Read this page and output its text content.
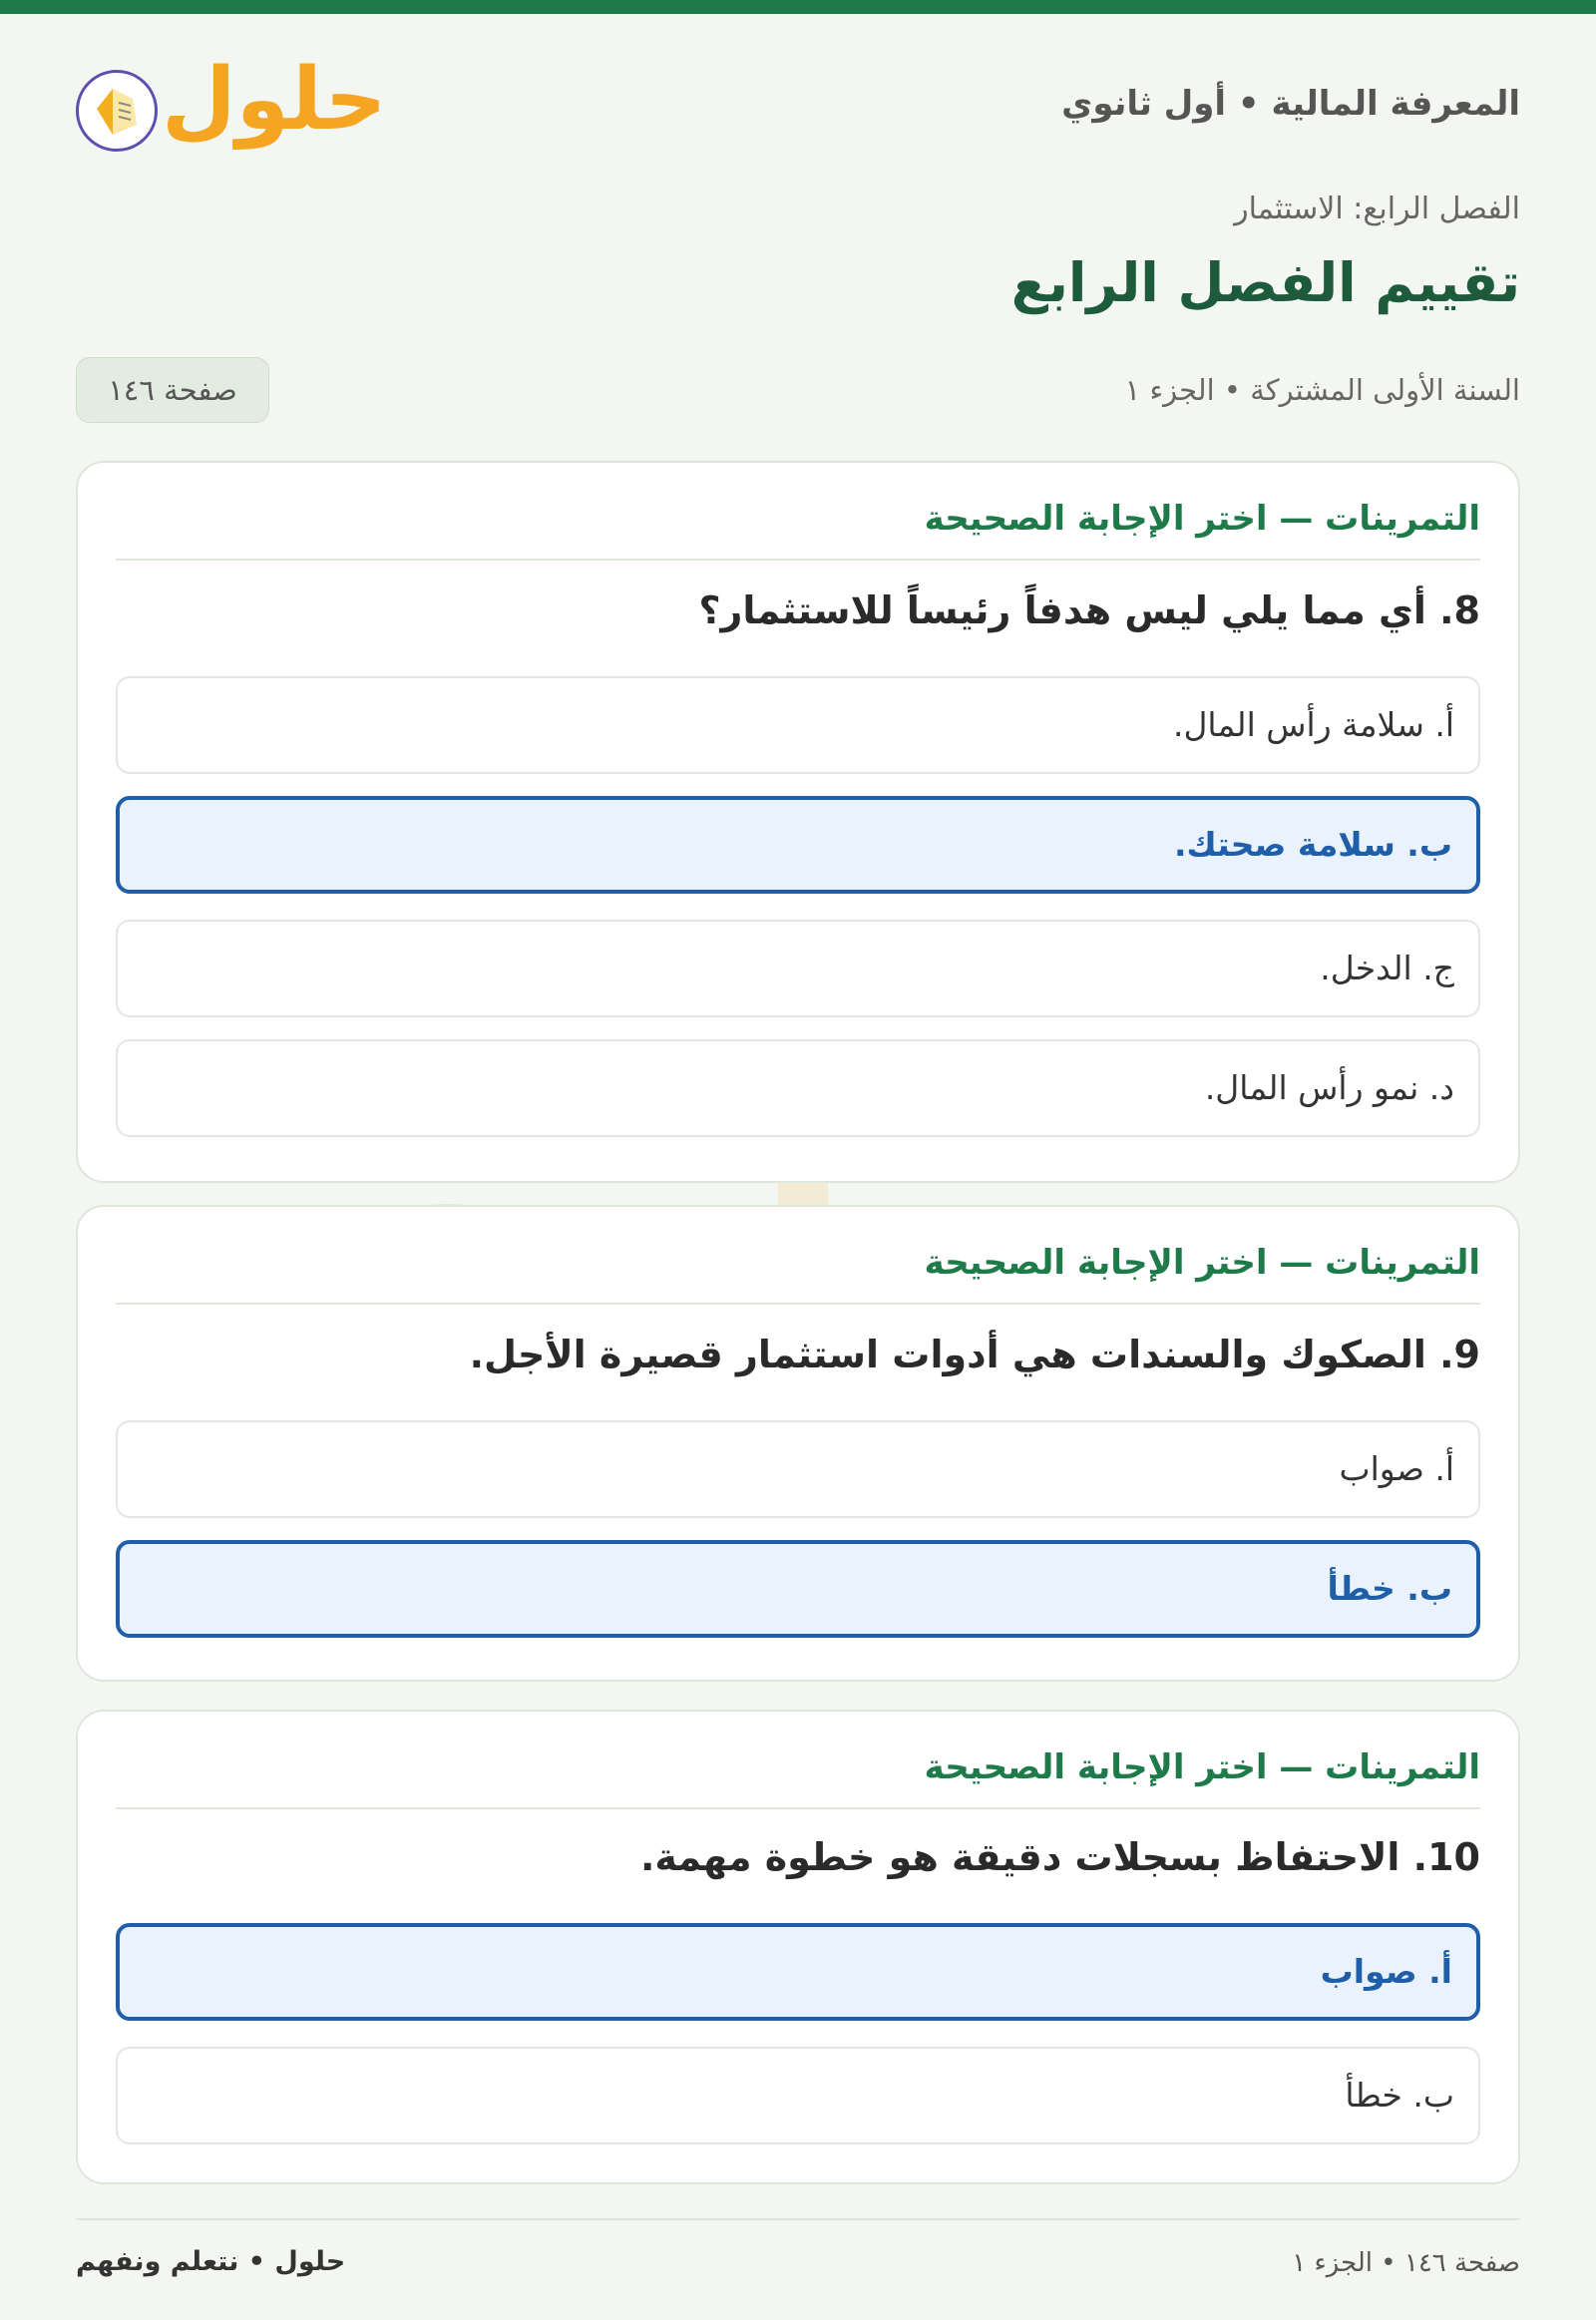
حلول	المعرفة المالية • أول ثانوي
الفصل الرابع: الاستثمار
تقييم الفصل الرابع
السنة الأولى المشتركة • الجزء ١
صفحة ١٤٦
التمرينات — اختر الإجابة الصحيحة
8. أي مما يلي ليس هدفاً رئيساً للاستثمار؟
أ. سلامة رأس المال.
ب. سلامة صحتك.
ج. الدخل.
د. نمو رأس المال.
التمرينات — اختر الإجابة الصحيحة
9. الصكوك والسندات هي أدوات استثمار قصيرة الأجل.
أ. صواب
ب. خطأ
التمرينات — اختر الإجابة الصحيحة
10. الاحتفاظ بسجلات دقيقة هو خطوة مهمة.
أ. صواب
ب. خطأ
حلول • نتعلم ونفهم	صفحة ١٤٦ • الجزء ١
